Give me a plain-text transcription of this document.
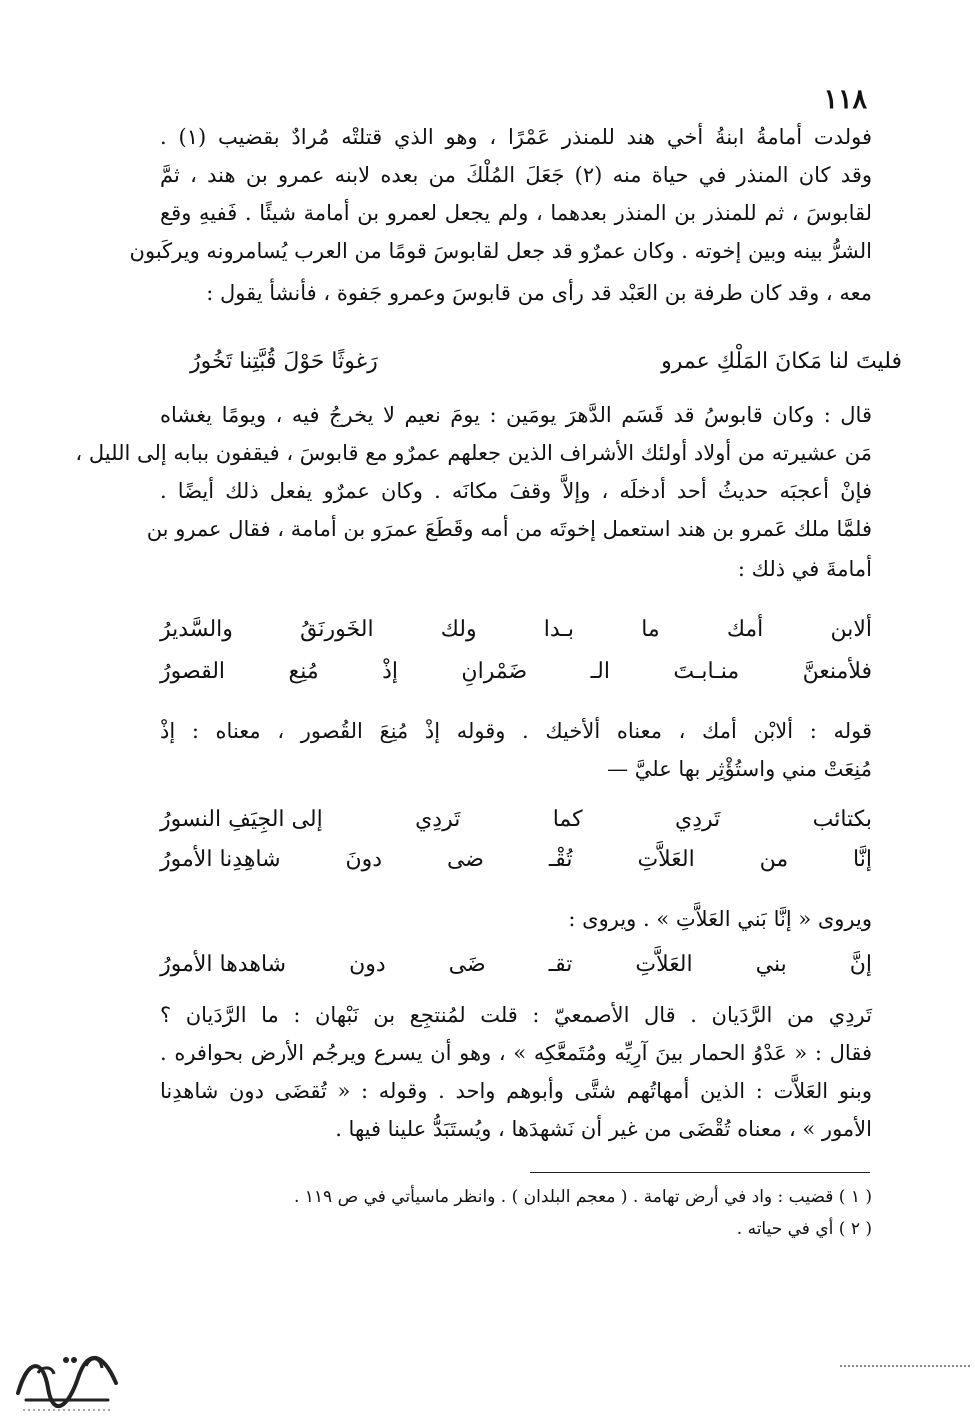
١١٨
فولدت أمامةُ ابنةُ أخي هند للمنذر عَمْرًا ، وهو الذي قتلتْه مُرادٌ بقضيب (١) .
وقد كان المنذر في حياة منه (٢) جَعَلَ المُلْكَ من بعده لابنه عمرو بن هند ، ثمَّ
لقابوسَ ، ثم للمنذر بن المنذر بعدهما ، ولم يجعل لعمرو بن أمامة شيئًا . فَفيهِ وقع
الشرُّ بينه وبين إخوته . وكان عمرٌو قد جعل لقابوسَ قومًا من العرب يُسامرونه ويركَبون
معه ، وقد كان طرفة بن العَبْد قد رأى من قابوسَ وعمرو جَفوة ، فأنشأ يقول :
فليتَ لنا مَكانَ المَلْكِ عمرو
رَغوثًا حَوْلَ قُبَّتِنا تَخُورُ
قال : وكان قابوسُ قد قَسَم الدَّهرَ يومَين : يومَ نعيم لا يخرجُ فيه ، ويومًا يغشاه
مَن عشيرته من أولاد أولئك الأشراف الذين جعلهم عمرٌو مع قابوسَ ، فيقفون ببابه إلى الليل ،
فإنْ أعجبَه حديثُ أحد أدخلَه ، وإلاَّ وقفَ مكانَه . وكان عمرٌو يفعل ذلك أيضًا .
فلمَّا ملك عَمرو بن هند استعمل إخوتَه من أمه وقَطَعَ عمرَو بن أمامة ، فقال عمرو بن
أمامةَ في ذلك :
ألابن
أمك
ما
بـدا
ولك
الخَورنَقُ
والسَّديرُ
فلأمنعنَّ
منـابـتَ
الـ
ضَمْرانِ
إذْ
مُنِع
القصورُ
قوله : ألابْن أمك ، معناه ألأخيك . وقوله إذْ مُنِعَ القُصور ، معناه : إذْ
مُنِعَتْ مني واستُؤْثِر بها عليَّ —
بكتائب
تَردِي
كما
تَردِي
إلى الجِيَفِ النسورُ
إنَّا
من
العَلاَّتِ
تُقْـ
ضى
دونَ
شاهِدِنا الأمورُ
ويروى « إنَّا بَني العَلاَّتِ » . ويروى :
إنَّ
بني
العَلاَّتِ
تقـ
ضَى
دون
شاهدها الأمورُ
تَردِي من الرَّدَيان . قال الأصمعيّ : قلت لمُنتجِع بن نَبْهان : ما الرَّدَيان ؟
فقال : « عَدْوُ الحمار بينَ آرِيِّه ومُتَمعَّكِه » ، وهو أن يسرع ويرجُم الأرض بحوافره .
وبنو العَلاَّت : الذين أمهاتُهم شتَّى وأبوهم واحد . وقوله : « تُقضَى دون شاهدِنا
الأمور » ، معناه تُقْضَى من غير أن نَشهدَها ، ويُستَبَدُّ علينا فيها .
( ١ ) قضيب : واد في أرض تهامة . ( معجم البلدان ) . وانظر ماسيأتي في ص ١١٩ .
( ٢ ) أي في حياته .
